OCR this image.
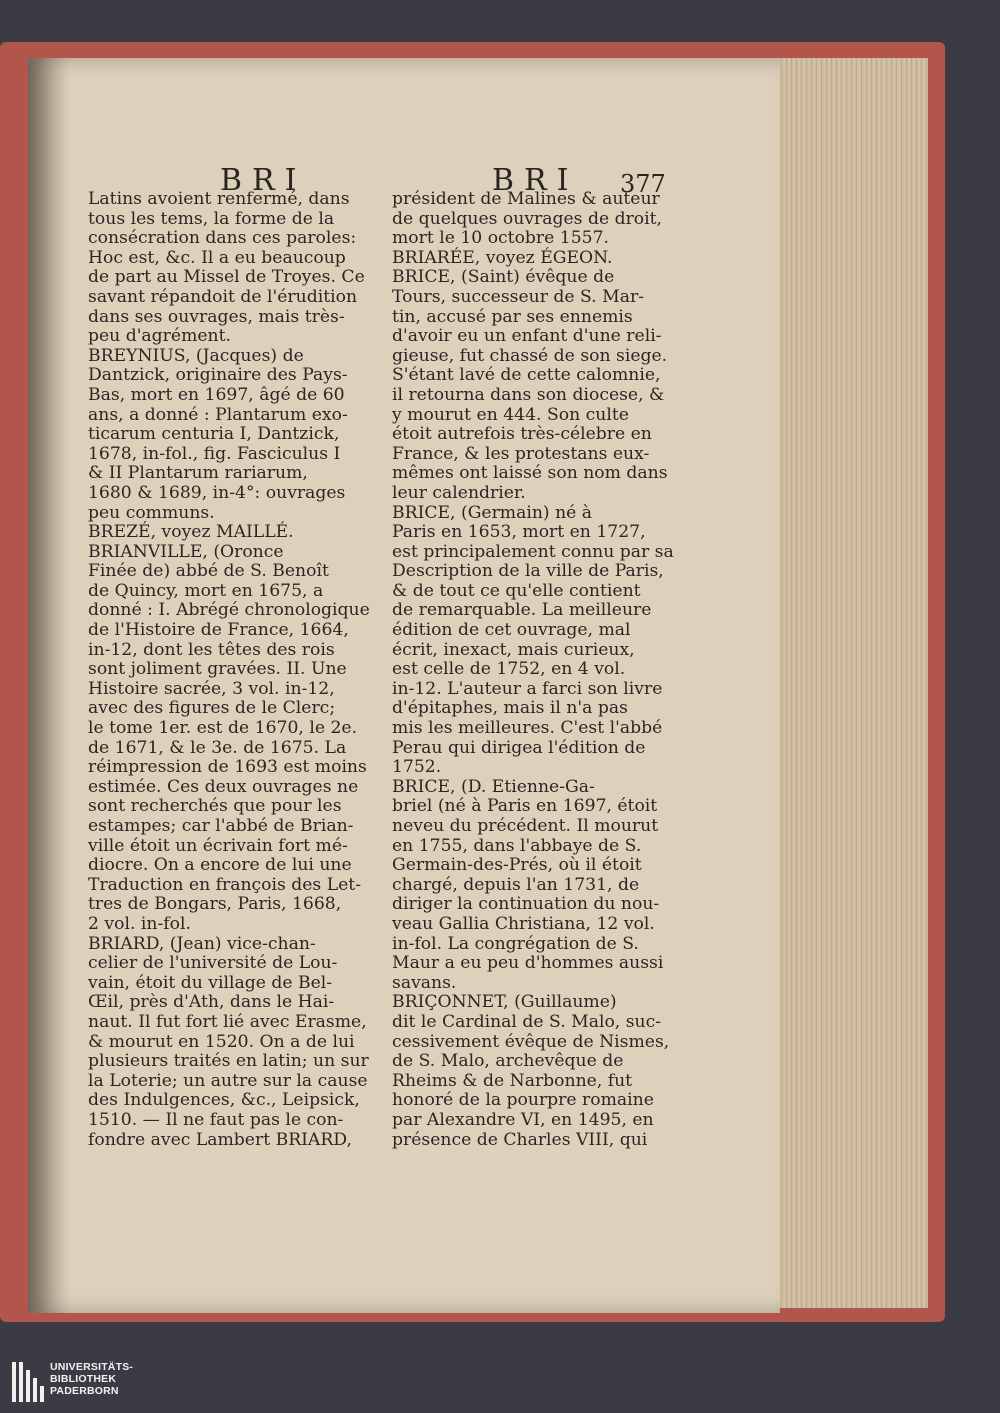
BRI	BRI 377
Latins avoient renfermé, dans
tous les tems, la forme de la
consécration dans ces paroles:
Hoc est, &c. Il a eu beaucoup
de part au Missel de Troyes. Ce
savant répandoit de l'érudition
dans ses ouvrages, mais très-
peu d'agrément.
BREYNIUS, (Jacques) de
Dantzick, originaire des Pays-
Bas, mort en 1697, âgé de 60
ans, a donné : Plantarum exo-
ticarum centuria I, Dantzick,
1678, in-fol., fig. Fasciculus I
& II Plantarum rariarum,
1680 & 1689, in-4°: ouvrages
peu communs.
BREZÉ, voyez MAILLÉ.
BRIANVILLE, (Oronce
Finée de) abbé de S. Benoît
de Quincy, mort en 1675, a
donné : I. Abrégé chronologique
de l'Histoire de France, 1664,
in-12, dont les têtes des rois
sont joliment gravées. II. Une
Histoire sacrée, 3 vol. in-12,
avec des figures de le Clerc;
le tome 1er. est de 1670, le 2e.
de 1671, & le 3e. de 1675. La
réimpression de 1693 est moins
estimée. Ces deux ouvrages ne
sont recherchés que pour les
estampes; car l'abbé de Brian-
ville étoit un écrivain fort mé-
diocre. On a encore de lui une
Traduction en françois des Let-
tres de Bongars, Paris, 1668,
2 vol. in-fol.
BRIARD, (Jean) vice-chan-
celier de l'université de Lou-
vain, étoit du village de Bel-
Œil, près d'Ath, dans le Hai-
naut. Il fut fort lié avec Erasme,
& mourut en 1520. On a de lui
plusieurs traités en latin; un sur
la Loterie; un autre sur la cause
des Indulgences, &c., Leipsick,
1510. — Il ne faut pas le con-
fondre avec Lambert BRIARD,
président de Malines & auteur
de quelques ouvrages de droit,
mort le 10 octobre 1557.
BRIARÉE, voyez ÉGEON.
BRICE, (Saint) évêque de
Tours, successeur de S. Mar-
tin, accusé par ses ennemis
d'avoir eu un enfant d'une reli-
gieuse, fut chassé de son siege.
S'étant lavé de cette calomnie,
il retourna dans son diocese, &
y mourut en 444. Son culte
étoit autrefois très-célebre en
France, & les protestans eux-
mêmes ont laissé son nom dans
leur calendrier.
BRICE, (Germain) né à
Paris en 1653, mort en 1727,
est principalement connu par sa
Description de la ville de Paris,
& de tout ce qu'elle contient
de remarquable. La meilleure
édition de cet ouvrage, mal
écrit, inexact, mais curieux,
est celle de 1752, en 4 vol.
in-12. L'auteur a farci son livre
d'épitaphes, mais il n'a pas
mis les meilleures. C'est l'abbé
Perau qui dirigea l'édition de
1752.
BRICE, (D. Etienne-Ga-
briel (né à Paris en 1697, étoit
neveu du précédent. Il mourut
en 1755, dans l'abbaye de S.
Germain-des-Prés, où il étoit
chargé, depuis l'an 1731, de
diriger la continuation du nou-
veau Gallia Christiana, 12 vol.
in-fol. La congrégation de S.
Maur a eu peu d'hommes aussi
savans.
BRIÇONNET, (Guillaume)
dit le Cardinal de S. Malo, suc-
cessivement évêque de Nismes,
de S. Malo, archevêque de
Rheims & de Narbonne, fut
honoré de la pourpre romaine
par Alexandre VI, en 1495, en
présence de Charles VIII, qui
UNIVERSITÄTS-
BIBLIOTHEK
PADERBORN
